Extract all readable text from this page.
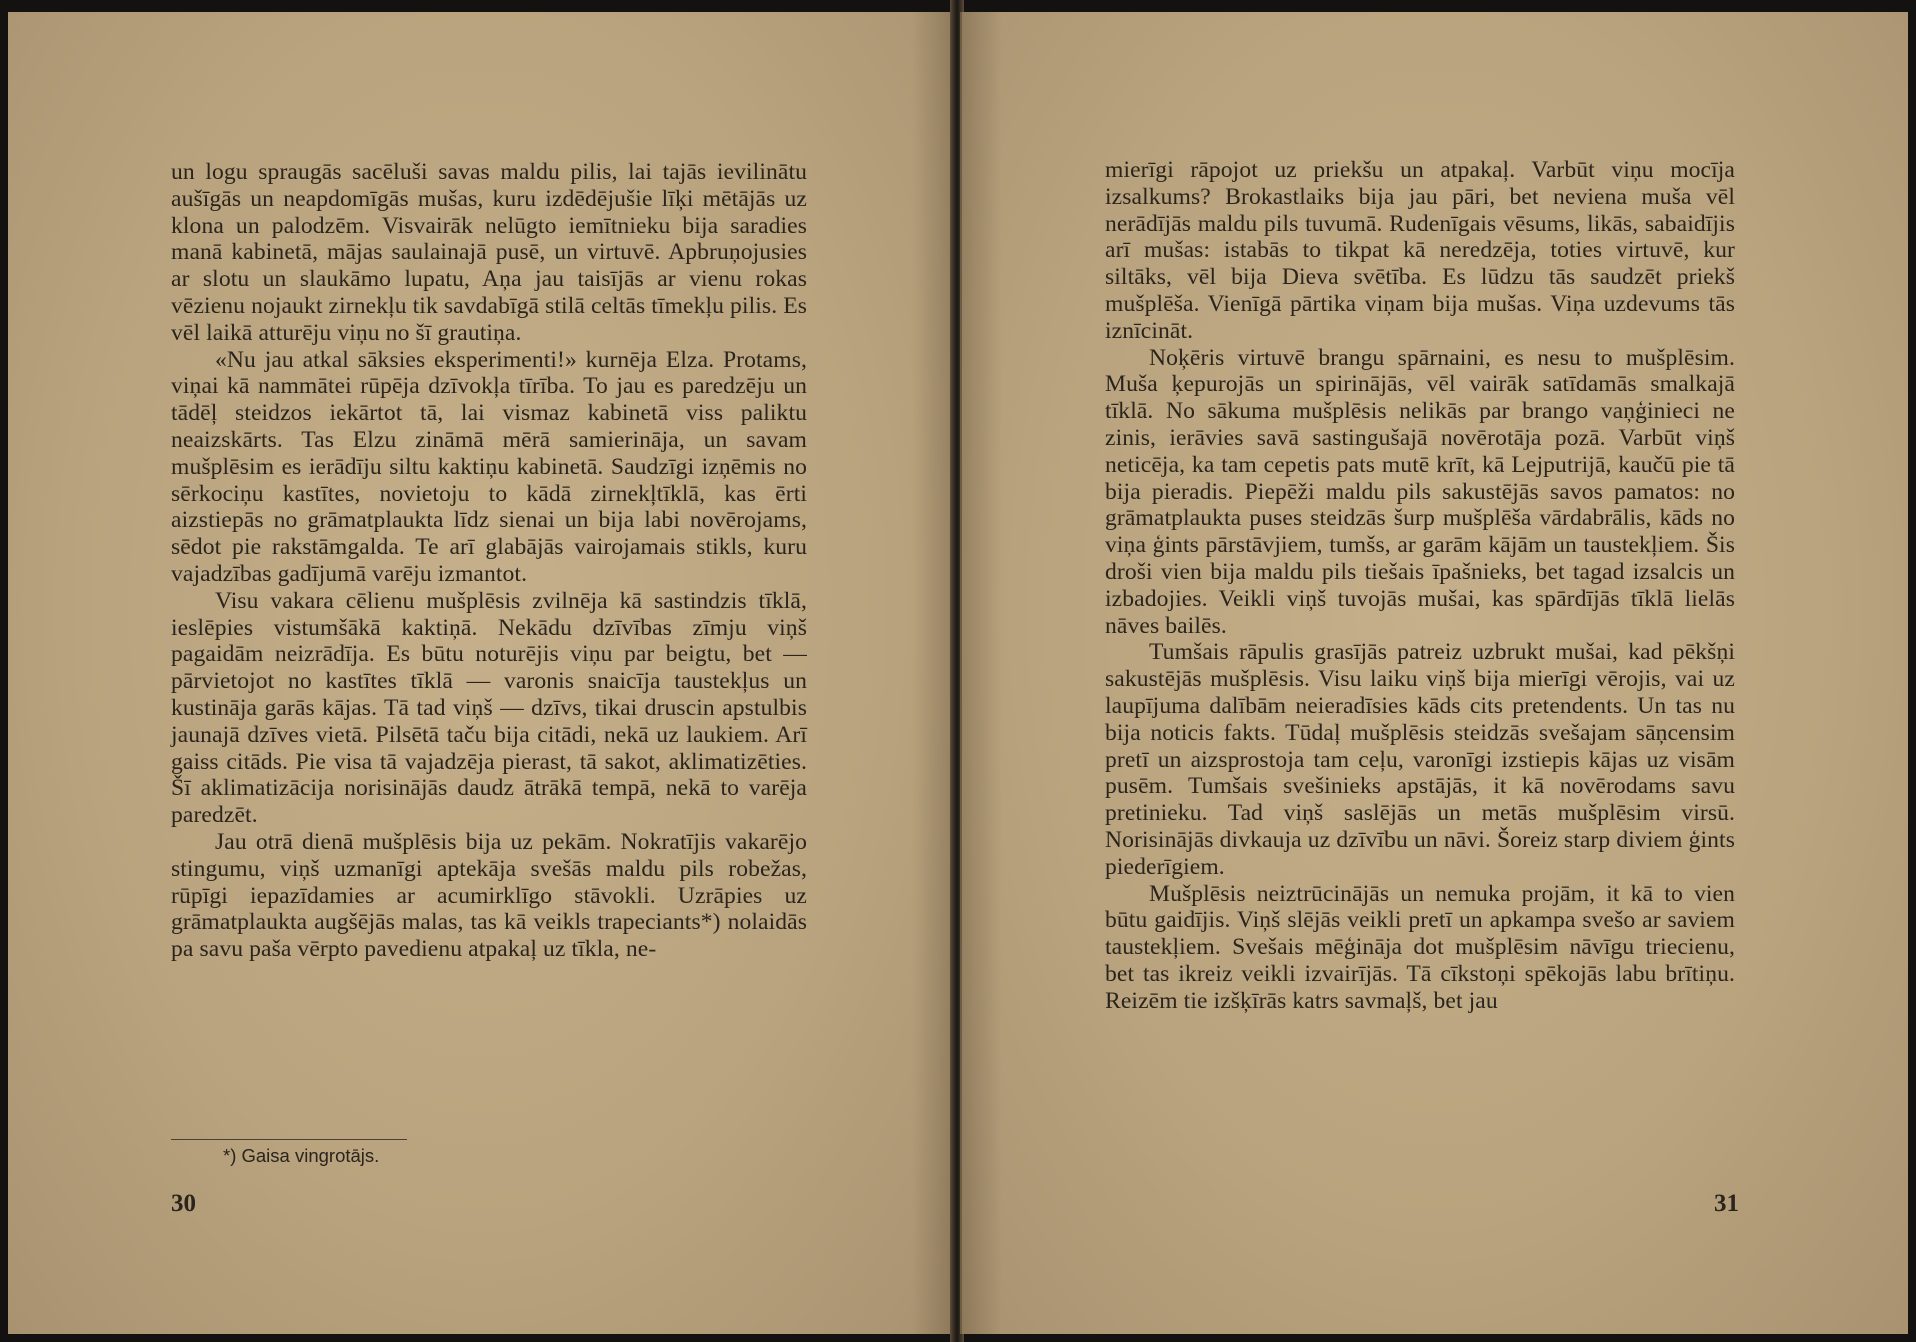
un logu spraugās sacēluši savas maldu pilis, lai tajās ievilinātu aušīgās un neapdomīgās mušas, kuru izdēdējušie līķi mētājās uz klona un palodzēm. Visvairāk nelūgto iemītnieku bija saradies manā kabinetā, mājas saulainajā pusē, un virtuvē. Apbruņojusies ar slotu un slaukāmo lupatu, Aņa jau taisījās ar vienu rokas vēzienu nojaukt zirnekļu tik savdabīgā stilā celtās tīmekļu pilis. Es vēl laikā atturēju viņu no šī grautiņa.

«Nu jau atkal sāksies eksperimenti!» kurnēja Elza. Protams, viņai kā nammātei rūpēja dzīvokļa tīrība. To jau es paredzēju un tādēļ steidzos iekārtot tā, lai vismaz kabinetā viss paliktu neaizskārts. Tas Elzu zināmā mērā samierināja, un savam mušplēsim es ierādīju siltu kaktiņu kabinetā. Saudzīgi izņēmis no sērkociņu kastītes, novietoju to kādā zirnekļtīklā, kas ērti aizstiepās no grāmatplaukta līdz sienai un bija labi novērojams, sēdot pie rakstāmgalda. Te arī glabājās vairojamais stikls, kuru vajadzības gadījumā varēju izmantot.

Visu vakara cēlienu mušplēsis zvilnēja kā sastindzis tīklā, ieslēpies vistumšākā kaktiņā. Nekādu dzīvības zīmju viņš pagaidām neizrādīja. Es būtu noturējis viņu par beigtu, bet — pārvietojot no kastītes tīklā — varonis snaicīja taustekļus un kustināja garās kājas. Tā tad viņš — dzīvs, tikai druscin apstulbis jaunajā dzīves vietā. Pilsētā taču bija citādi, nekā uz laukiem. Arī gaiss citāds. Pie visa tā vajadzēja pierast, tā sakot, aklimatizēties. Šī aklimatizācija norisinājās daudz ātrākā tempā, nekā to varēja paredzēt.

Jau otrā dienā mušplēsis bija uz pekām. Nokratījis vakarējo stingumu, viņš uzmanīgi aptekāja svešās maldu pils robežas, rūpīgi iepazīdamies ar acumirklīgo stāvokli. Uzrāpies uz grāmatplaukta augšējās malas, tas kā veikls trapeciants*) nolaidās pa savu paša vērpto pavedienu atpakaļ uz tīkla, ne-

*) Gaisa vingrotājs.
30

mierīgi rāpojot uz priekšu un atpakaļ. Varbūt viņu mocīja izsalkums? Brokastlaiks bija jau pāri, bet neviena muša vēl nerādījās maldu pils tuvumā. Rudenīgais vēsums, likās, sabaidījis arī mušas: istabās to tikpat kā neredzēja, toties virtuvē, kur siltāks, vēl bija Dieva svētība. Es lūdzu tās saudzēt priekš mušplēša. Vienīgā pārtika viņam bija mušas. Viņa uzdevums tās iznīcināt.

Noķēris virtuvē brangu spārnaini, es nesu to mušplēsim. Muša ķepurojās un spirinājās, vēl vairāk satīdamās smalkajā tīklā. No sākuma mušplēsis nelikās par brango vaņģinieci ne zinis, ierāvies savā sastingušajā novērotāja pozā. Varbūt viņš neticēja, ka tam cepetis pats mutē krīt, kā Lejputrijā, kaučū pie tā bija pieradis. Piepēži maldu pils sakustējās savos pamatos: no grāmatplaukta puses steidzās šurp mušplēša vārdabrālis, kāds no viņa ģints pārstāvjiem, tumšs, ar garām kājām un taustekļiem. Šis droši vien bija maldu pils tiešais īpašnieks, bet tagad izsalcis un izbadojies. Veikli viņš tuvojās mušai, kas spārdījās tīklā lielās nāves bailēs.

Tumšais rāpulis grasījās patreiz uzbrukt mušai, kad pēkšņi sakustējās mušplēsis. Visu laiku viņš bija mierīgi vērojis, vai uz laupījuma dalībām neieradīsies kāds cits pretendents. Un tas nu bija noticis fakts. Tūdaļ mušplēsis steidzās svešajam sāņcensim pretī un aizsprostoja tam ceļu, varonīgi izstiepis kājas uz visām pusēm. Tumšais svešinieks apstājās, it kā novērodams savu pretinieku. Tad viņš saslējās un metās mušplēsim virsū. Norisinājās divkauja uz dzīvību un nāvi. Šoreiz starp diviem ģints piederīgiem.

Mušplēsis neiztrūcinājās un nemuka projām, it kā to vien būtu gaidījis. Viņš slējās veikli pretī un apkampa svešo ar saviem taustekļiem. Svešais mēģināja dot mušplēsim nāvīgu triecienu, bet tas ikreiz veikli izvairījās. Tā cīkstoņi spēkojās labu brītiņu. Reizēm tie izšķīrās katrs savmaļš, bet jau

31
